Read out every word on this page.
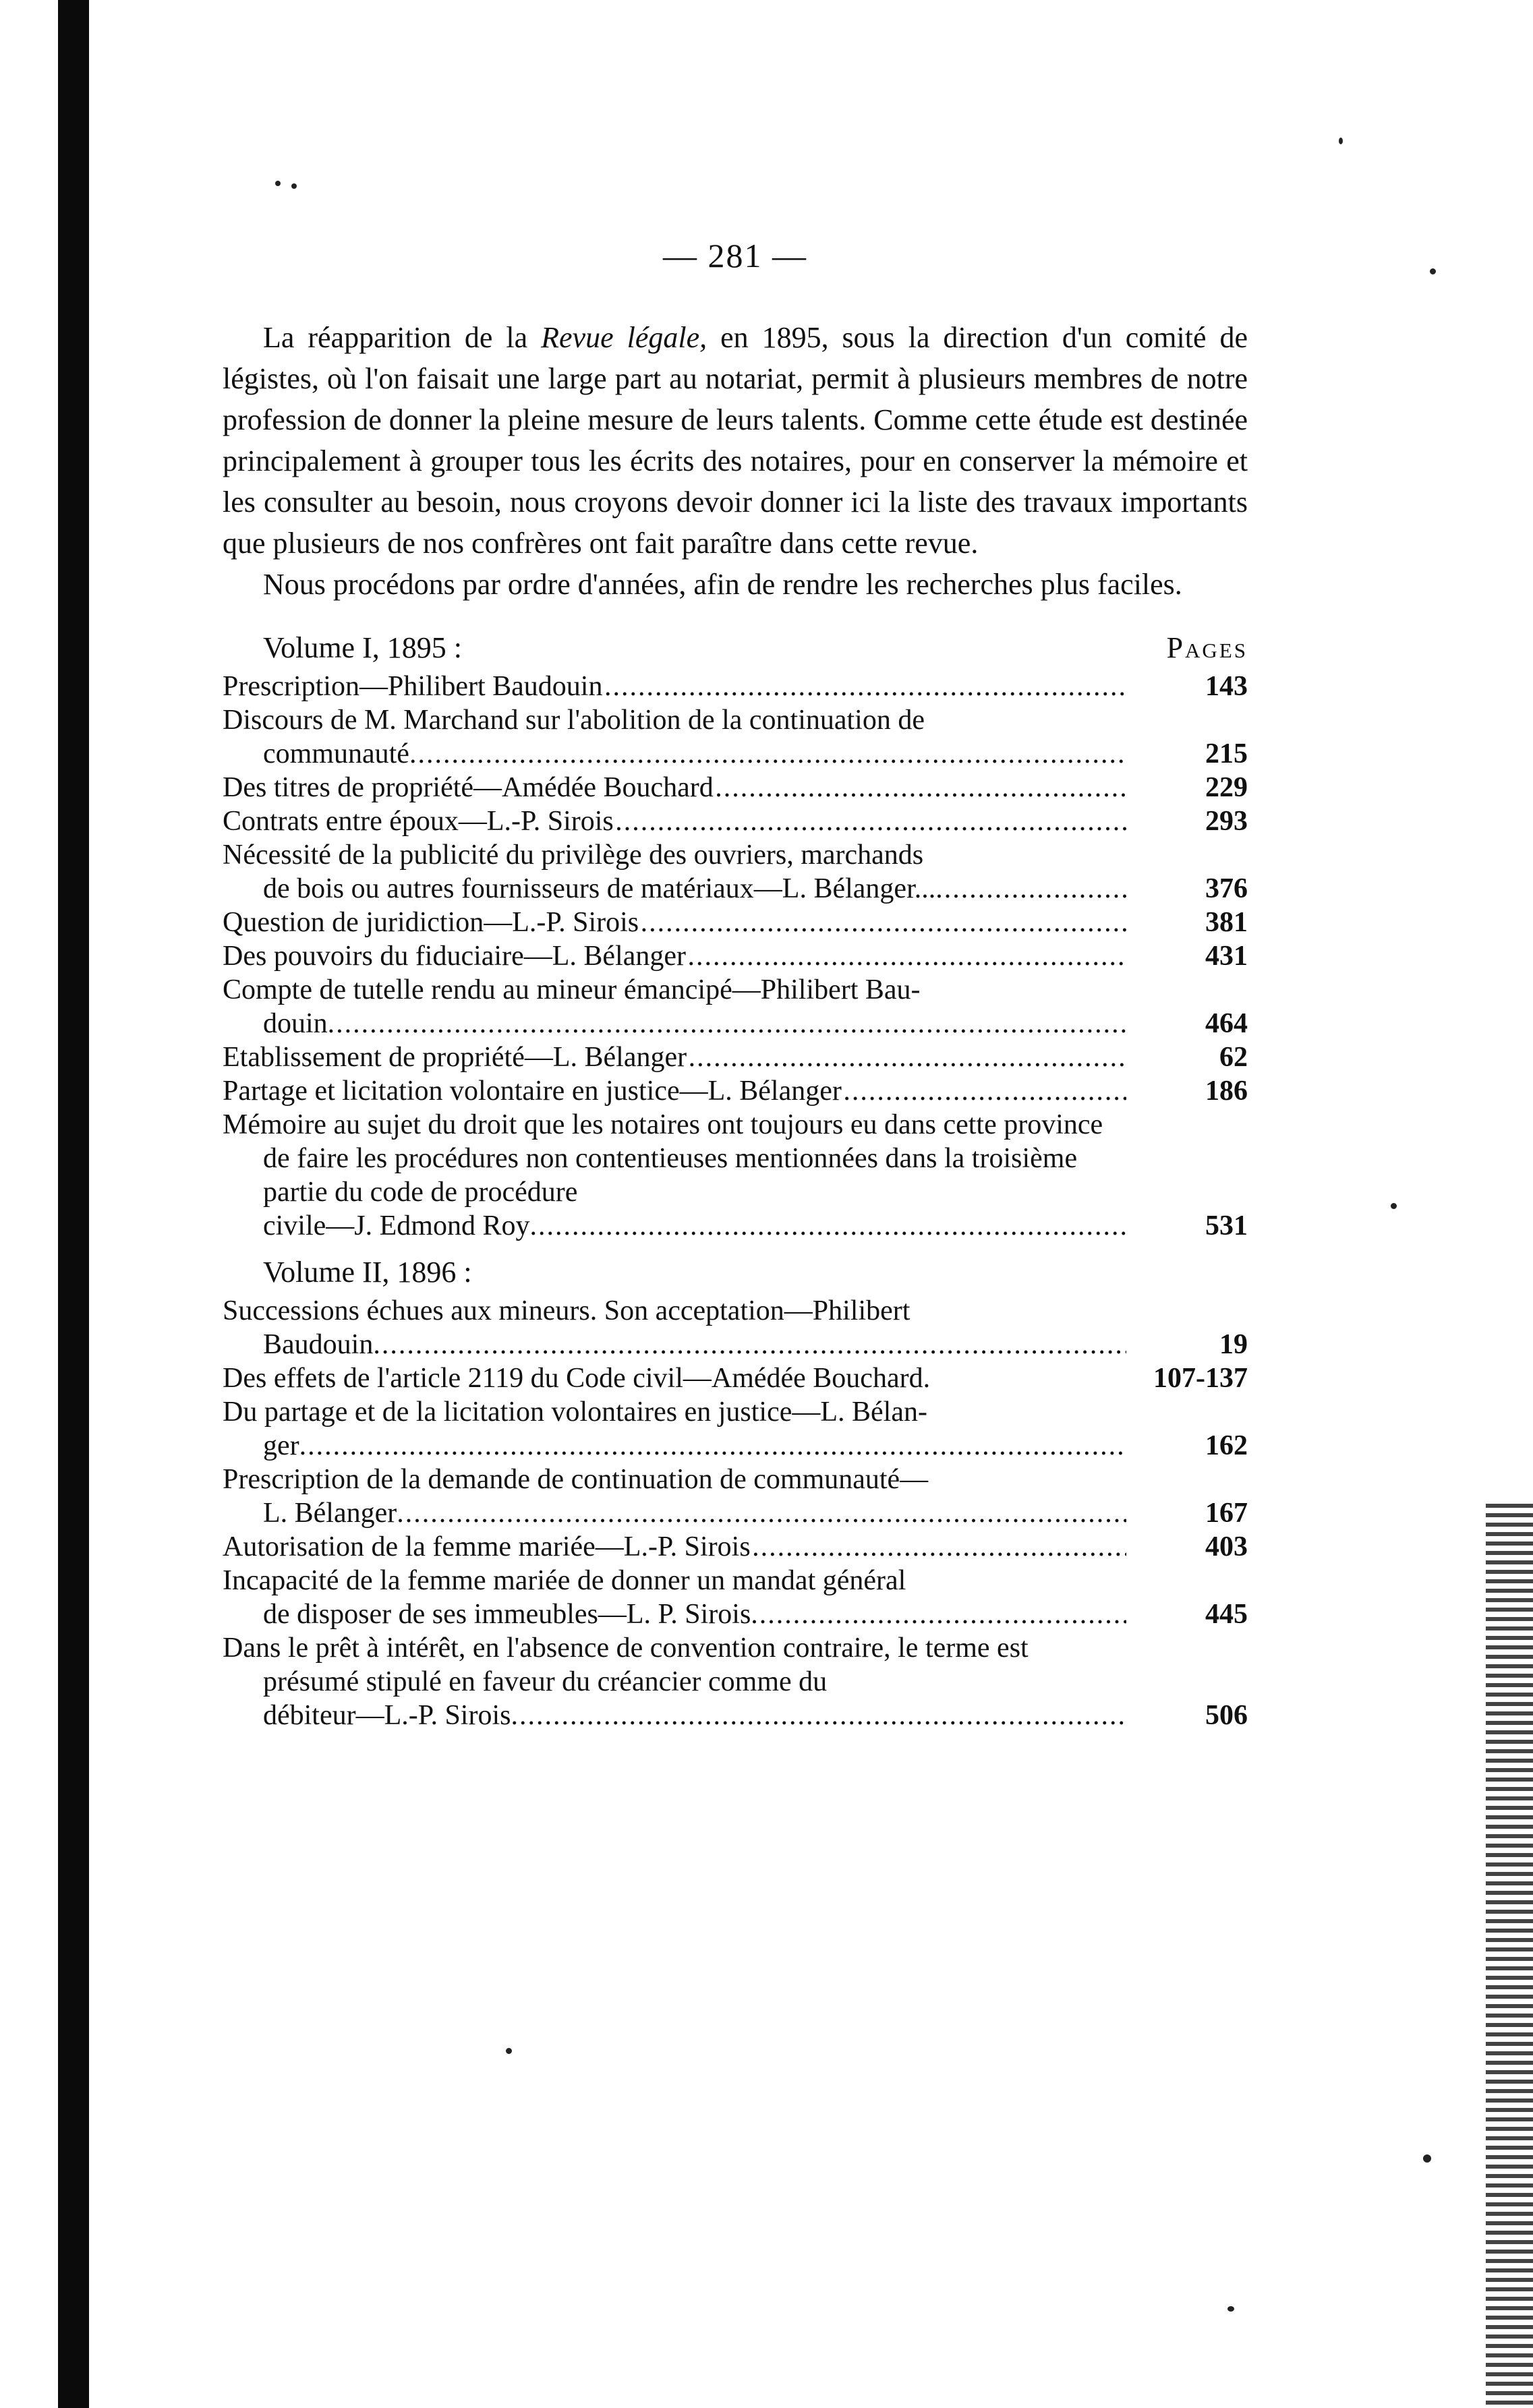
— 281 —

La réapparition de la Revue légale, en 1895, sous la direction d'un comité de légistes, où l'on faisait une large part au notariat, permit à plusieurs membres de notre profession de donner la pleine mesure de leurs talents. Comme cette étude est destinée principalement à grouper tous les écrits des notaires, pour en conserver la mémoire et les consulter au besoin, nous croyons devoir donner ici la liste des travaux importants que plusieurs de nos confrères ont fait paraître dans cette revue.

Nous procédons par ordre d'années, afin de rendre les recherches plus faciles.

Volume I, 1895 :	Pages
Prescription—Philibert Baudouin .....	143
Discours de M. Marchand sur l'abolition de la continuation de
communauté .....	215
Des titres de propriété—Amédée Bouchard .....	229
Contrats entre époux—L.-P. Sirois .....	293
Nécessité de la publicité du privilège des ouvriers, marchands
de bois ou autres fournisseurs de matériaux—L. Bélanger... .....	376
Question de juridiction—L.-P. Sirois .....	381
Des pouvoirs du fiduciaire—L. Bélanger .....	431
Compte de tutelle rendu au mineur émancipé—Philibert Bau-
douin .....	464
Etablissement de propriété—L. Bélanger .....	62
Partage et licitation volontaire en justice—L. Bélanger .....	186
Mémoire au sujet du droit que les notaires ont toujours eu dans cette province de faire les procédures non contentieuses mentionnées dans la troisième partie du code de procédure
civile—J. Edmond Roy .....	531
Volume II, 1896 :
Successions échues aux mineurs. Son acceptation—Philibert
Baudouin .....	19
Des effets de l'article 2119 du Code civil—Amédée Bouchard.	107-137
Du partage et de la licitation volontaires en justice—L. Bélan-
ger .....	162
Prescription de la demande de continuation de communauté—
L. Bélanger .....	167
Autorisation de la femme mariée—L.-P. Sirois .....	403
Incapacité de la femme mariée de donner un mandat général
de disposer de ses immeubles—L. P. Sirois .....	445
Dans le prêt à intérêt, en l'absence de convention contraire, le terme est présumé stipulé en faveur du créancier comme du
débiteur—L.-P. Sirois .....	506
